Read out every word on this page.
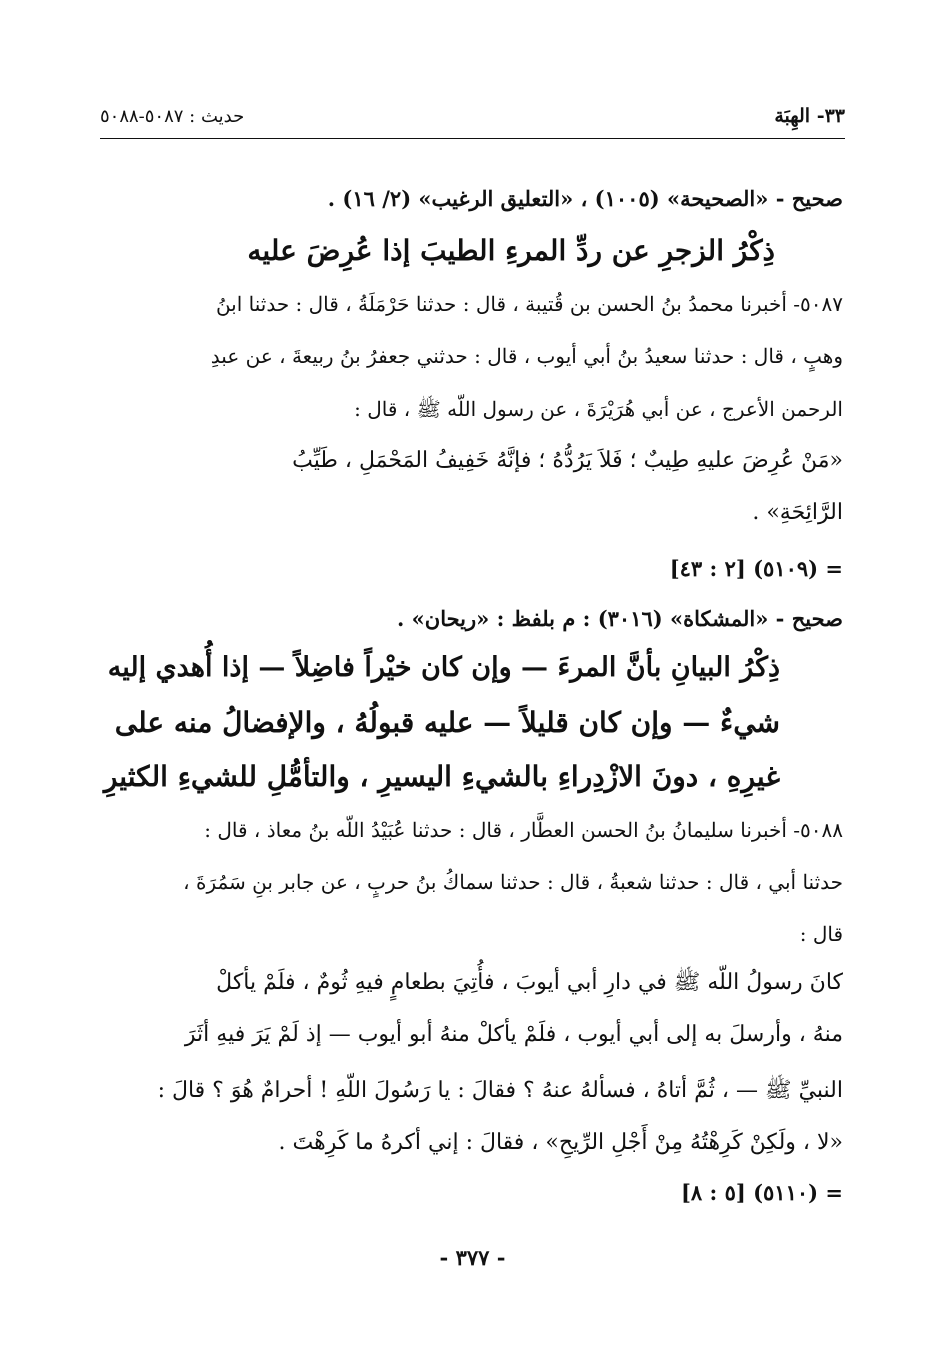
٣٣- الهِبَة
حديث : ٥٠٨٧-٥٠٨٨
صحيح - «الصحيحة» (١٠٠٥) ، «التعليق الرغيب» (٢/ ١٦) .
ذِكْرُ الزجرِ عن ردِّ المرءِ الطيبَ إذا عُرِضَ عليه
٥٠٨٧- أخبرنا محمدُ بنُ الحسن بن قُتيبة ، قال : حدثنا حَرْمَلَةُ ، قال : حدثنا ابنُ
وهبٍ ، قال : حدثنا سعيدُ بنُ أبي أيوب ، قال : حدثني جعفرُ بنُ ربيعةَ ، عن عبدِ
الرحمن الأعرج ، عن أبي هُرَيْرَةَ ، عن رسول اللّه ﷺ ، قال :
«مَنْ عُرِضَ عليهِ طِيبٌ ؛ فَلاَ يَرُدُّهُ ؛ فإنَّهُ خَفِيفُ المَحْمَلِ ، طَيِّبُ
الرَّائِحَةِ» .
= (٥١٠٩) [٢ : ٤٣]
صحيح - «المشكاة» (٣٠١٦) : م بلفظ : «ريحان» .
ذِكْرُ البيانِ بأنَّ المرءَ — وإن كان خيْراً فاضِلاً — إذا أُهدي إليه
شيءٌ — وإن كان قليلاً — عليه قبولُهُ ، والإفضالُ منه على
غيرِهِ ، دونَ الازْدِراءِ بالشيءِ اليسيرِ ، والتأمُّلِ للشيءِ الكثيرِ
٥٠٨٨- أخبرنا سليمانُ بنُ الحسن العطَّار ، قال : حدثنا عُبَيْدُ اللّه بنُ معاذ ، قال :
حدثنا أبي ، قال : حدثنا شعبةُ ، قال : حدثنا سماكُ بنُ حربٍ ، عن جابر بنِ سَمُرَةَ ،
قال :
كانَ رسولُ اللّه ﷺ في دارِ أبي أيوبَ ، فأُتِيَ بطعامٍ فيهِ ثُومٌ ، فلَمْ يأكلْ
منهُ ، وأرسلَ به إلى أبي أيوب ، فلَمْ يأكلْ منهُ أبو أيوب — إذ لَمْ يَرَ فيهِ أثَرَ
النبيِّ ﷺ — ، ثُمَّ أتاهُ ، فسألهُ عنهُ ؟ فقالَ : يا رَسُولَ اللّهِ ! أحرامٌ هُوَ ؟ قالَ :
«لا ، ولَكِنْ كَرِهْتُهُ مِنْ أَجْلِ الرِّيحِ» ، فقالَ : إني أكرهُ ما كَرِهْتَ .
= (٥١١٠) [٥ : ٨]
- ٣٧٧ -
